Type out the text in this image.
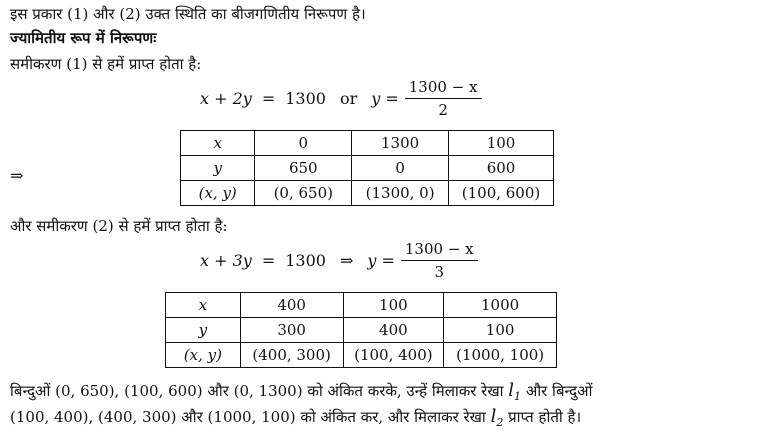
इस प्रकार (1) और (2) उक्त स्थिति का बीजगणितीय निरूपण है।
ज्यामितीय रूप में निरूपणः
समीकरण (1) से हमें प्राप्त होता है:
x + 2y = 1300 or $y = \frac{1300 - x}{2}$
⇒
x	0	1300	100
y	650	0	600
(x, y)	(0, 650)	(1300, 0)	(100, 600)
और समीकरण (2) से हमें प्राप्त होता है:
x + 3y = 1300 ⇒ $y = \frac{1300 - x}{3}$
x	400	100	1000
y	300	400	100
(x, y)	(400, 300)	(100, 400)	(1000, 100)
बिन्दुओं (0, 650), (100, 600) और (0, 1300) को अंकित करके, उन्हें मिलाकर रेखा $l_1$ और बिन्दुओं
(100, 400), (400, 300) और (1000, 100) को अंकित कर, और मिलाकर रेखा $l_2$ प्राप्त होती है।
